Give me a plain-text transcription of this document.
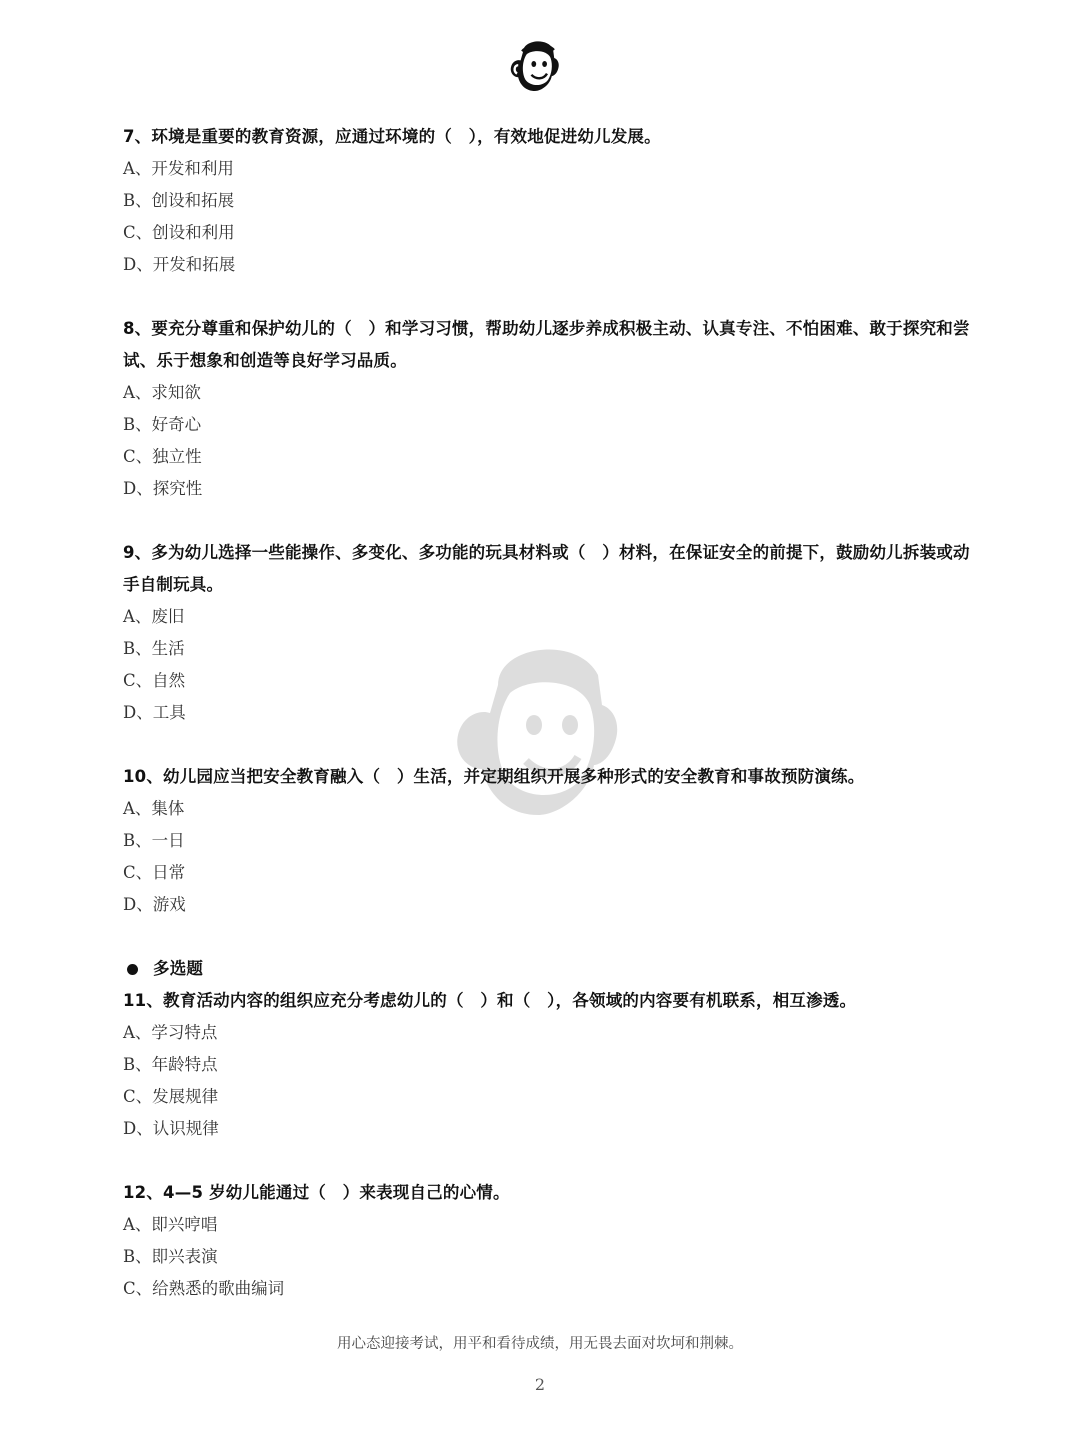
7、环境是重要的教育资源，应通过环境的（　），有效地促进幼儿发展。
A、开发和利用
B、创设和拓展
C、创设和利用
D、开发和拓展
8、要充分尊重和保护幼儿的（　）和学习习惯，帮助幼儿逐步养成积极主动、认真专注、不怕困难、敢于探究和尝试、乐于想象和创造等良好学习品质。
A、求知欲
B、好奇心
C、独立性
D、探究性
9、多为幼儿选择一些能操作、多变化、多功能的玩具材料或（　）材料，在保证安全的前提下，鼓励幼儿拆装或动手自制玩具。
A、废旧
B、生活
C、自然
D、工具
10、幼儿园应当把安全教育融入（　）生活，并定期组织开展多种形式的安全教育和事故预防演练。
A、集体
B、一日
C、日常
D、游戏
多选题
11、教育活动内容的组织应充分考虑幼儿的（　）和（　），各领域的内容要有机联系，相互渗透。
A、学习特点
B、年龄特点
C、发展规律
D、认识规律
12、4—5 岁幼儿能通过（　）来表现自己的心情。
A、即兴哼唱
B、即兴表演
C、给熟悉的歌曲编词
用心态迎接考试，用平和看待成绩，用无畏去面对坎坷和荆棘。
2
